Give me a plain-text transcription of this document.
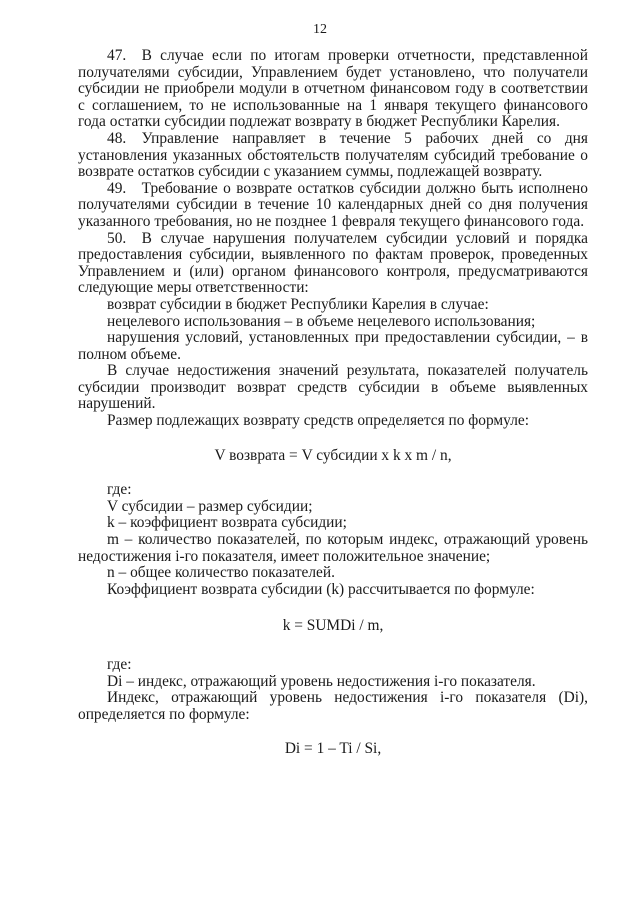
12

47. В случае если по итогам проверки отчетности, представленной получателями субсидии, Управлением будет установлено, что получатели субсидии не приобрели модули в отчетном финансовом году в соответствии с соглашением, то не использованные на 1 января текущего финансового года остатки субсидии подлежат возврату в бюджет Республики Карелия.

48. Управление направляет в течение 5 рабочих дней со дня установления указанных обстоятельств получателям субсидий требование о возврате остатков субсидии с указанием суммы, подлежащей возврату.

49. Требование о возврате остатков субсидии должно быть исполнено получателями субсидии в течение 10 календарных дней со дня получения указанного требования, но не позднее 1 февраля текущего финансового года.

50. В случае нарушения получателем субсидии условий и порядка предоставления субсидии, выявленного по фактам проверок, проведенных Управлением и (или) органом финансового контроля, предусматриваются следующие меры ответственности:

возврат субсидии в бюджет Республики Карелия в случае:

нецелевого использования – в объеме нецелевого использования;

нарушения условий, установленных при предоставлении субсидии, – в полном объеме.

В случае недостижения значений результата, показателей получатель субсидии производит возврат средств субсидии в объеме выявленных нарушений.

Размер подлежащих возврату средств определяется по формуле:

V возврата = V субсидии x k x m / n,

где:

V субсидии – размер субсидии;

k – коэффициент возврата субсидии;

m – количество показателей, по которым индекс, отражающий уровень недостижения i-го показателя, имеет положительное значение;

n – общее количество показателей.

Коэффициент возврата субсидии (k) рассчитывается по формуле:

k = SUMDi / m,

где:

Di – индекс, отражающий уровень недостижения i-го показателя.

Индекс, отражающий уровень недостижения i-го показателя (Di), определяется по формуле:

Di = 1 – Ti / Si,
